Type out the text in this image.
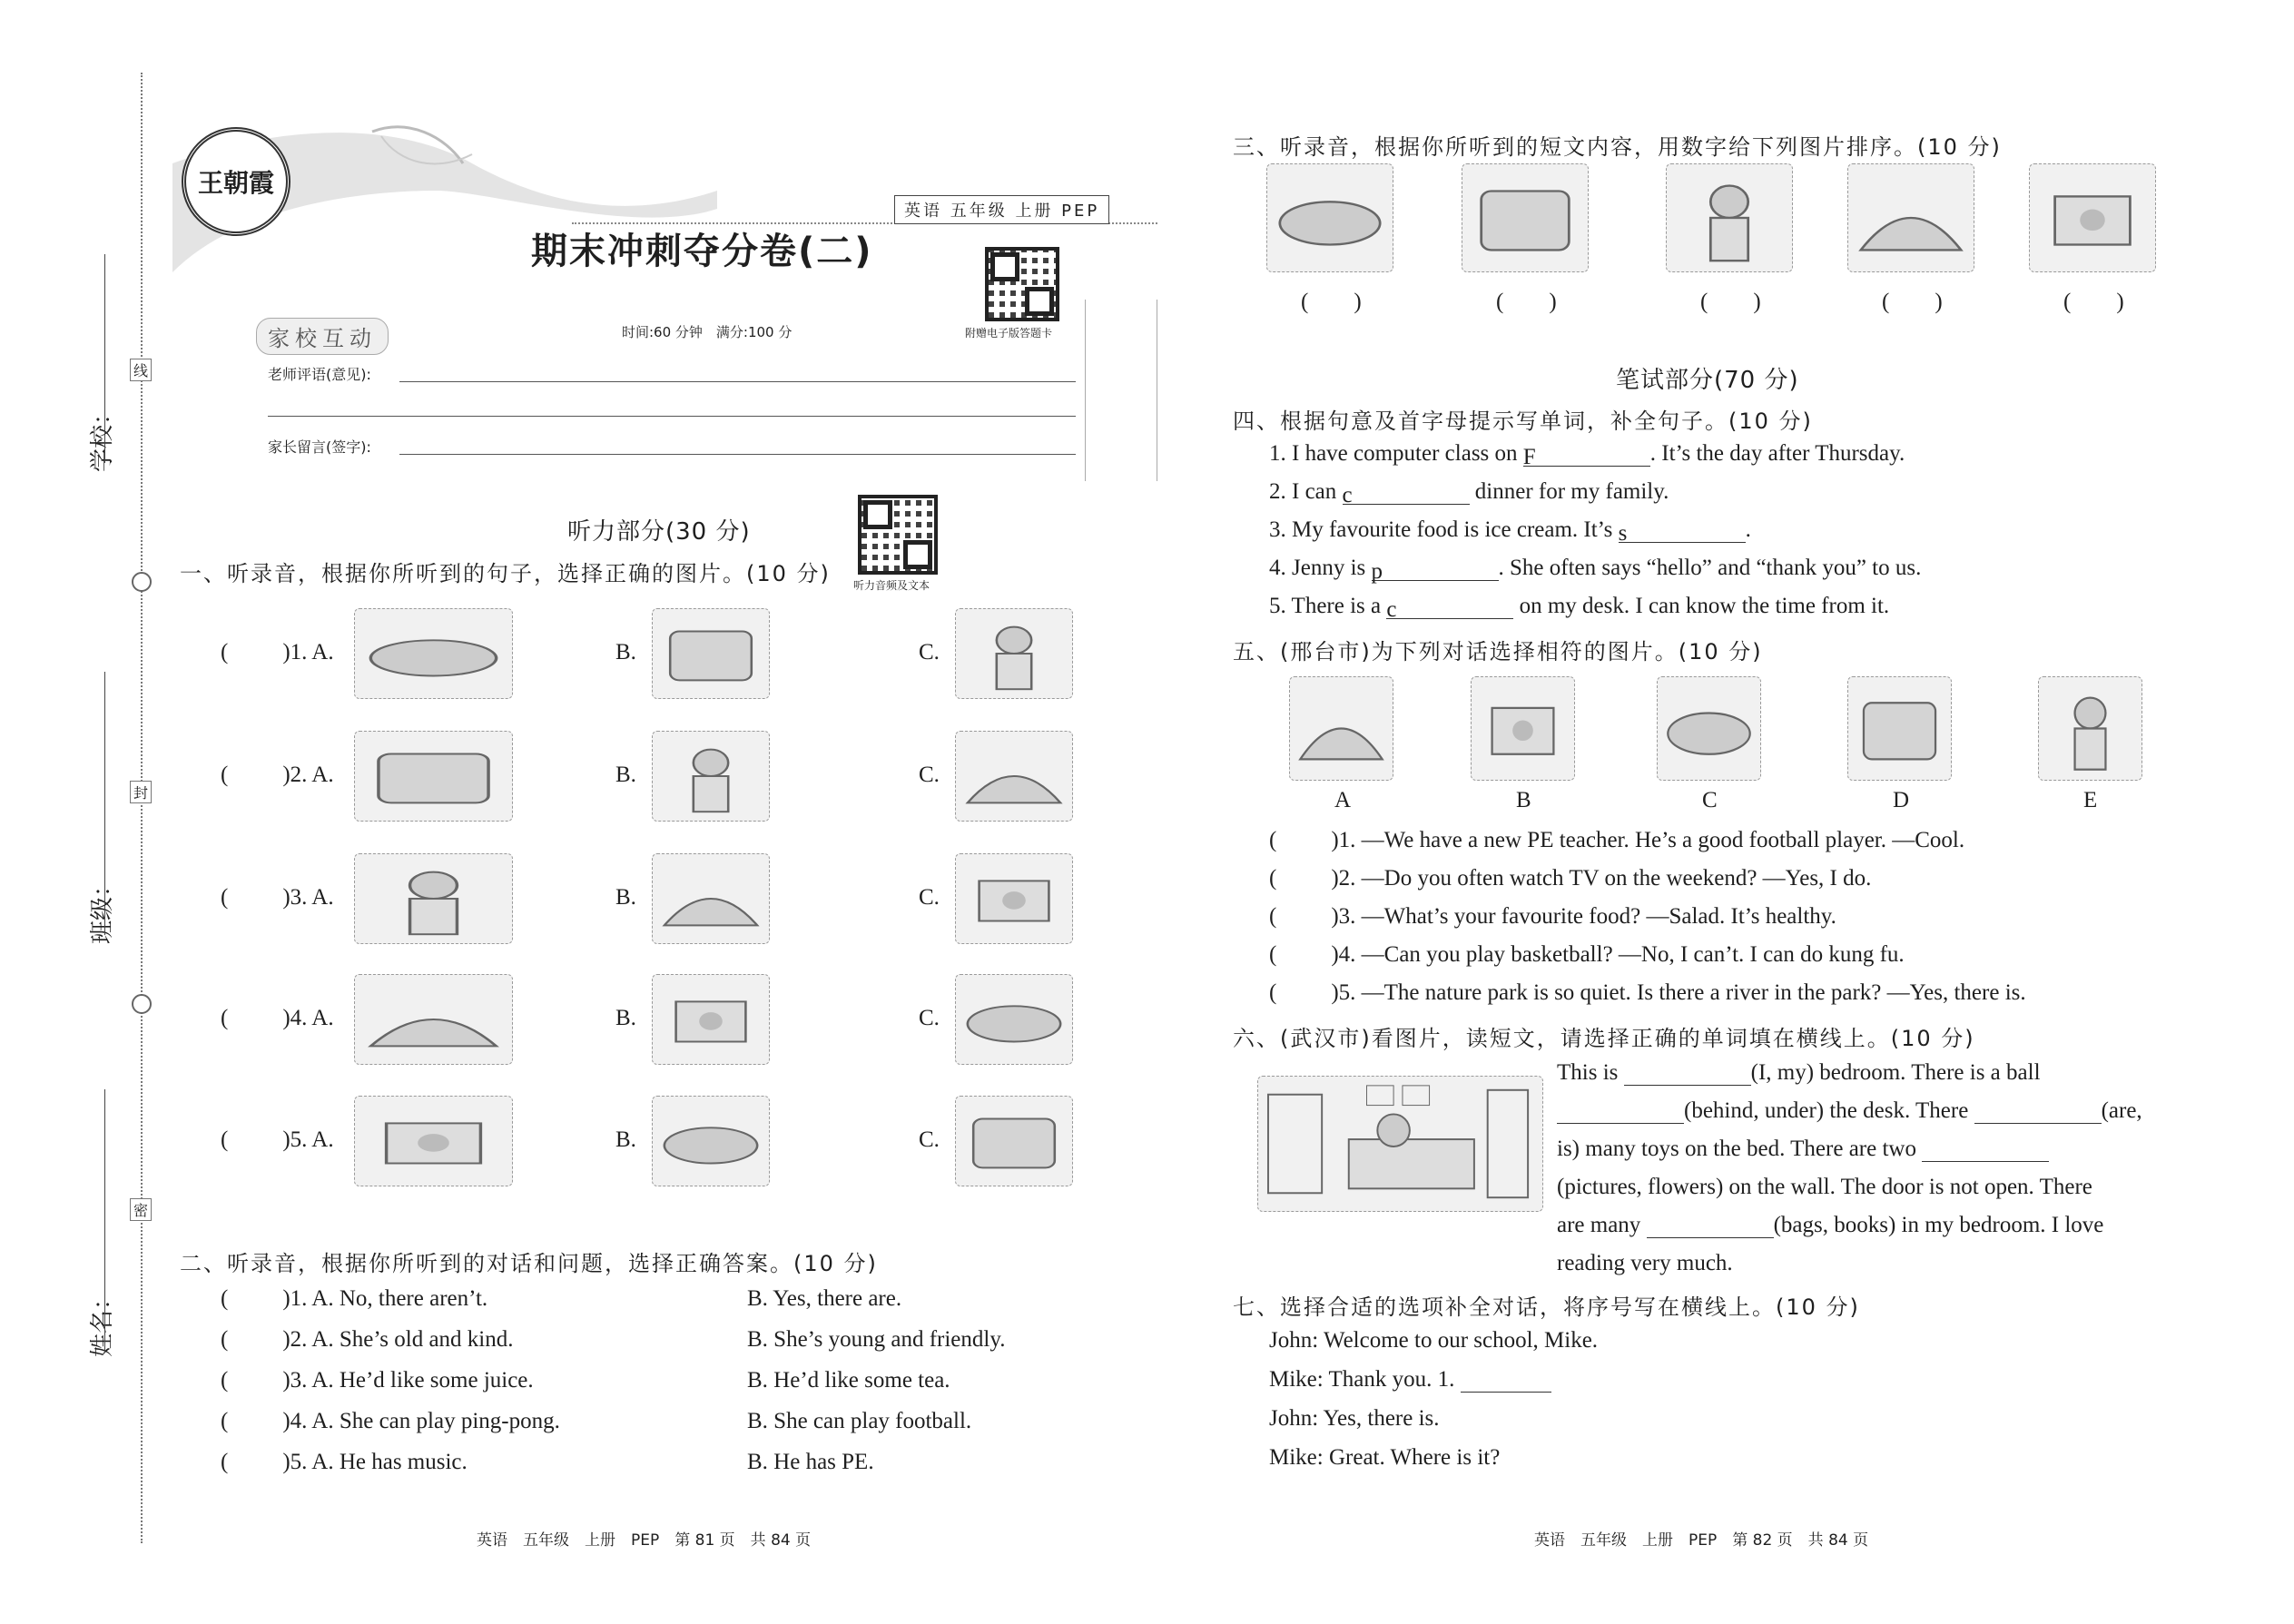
线
封
密
学校：
班级：
姓名：
王朝霞
英语 五年级 上册 PEP
期末冲刺夺分卷(二)
附赠电子版答题卡
家校互动	时间:60 分钟　满分:100 分
老师评语(意见):
家长留言(签字):
听力部分(30 分)
听力音频及文本
一、听录音，根据你所听到的句子，选择正确的图片。(10 分)
( )1. A.	B.	C.
( )2. A.	B.	C.
( )3. A.	B.	C.
( )4. A.	B.	C.
( )5. A.	B.	C.
二、听录音，根据你所听到的对话和问题，选择正确答案。(10 分)
( )1. A. No, there aren’t.	B. Yes, there are.
( )2. A. She’s old and kind.	B. She’s young and friendly.
( )3. A. He’d like some juice.	B. He’d like some tea.
( )4. A. She can play ping-pong.	B. She can play football.
( )5. A. He has music.	B. He has PE.
三、听录音，根据你所听到的短文内容，用数字给下列图片排序。(10 分)
(　　)	(　　)	(　　)	(　　)	(　　)
笔试部分(70 分)
四、根据句意及首字母提示写单词，补全句子。(10 分)
1. I have computer class on F	. It’s the day after Thursday.
2. I can c	dinner for my family.
3. My favourite food is ice cream. It’s s	.
4. Jenny is p	. She often says “hello” and “thank you” to us.
5. There is a c	on my desk. I can know the time from it.
五、(邢台市)为下列对话选择相符的图片。(10 分)
A	B	C	D	E
( )1. —We have a new PE teacher. He’s a good football player. —Cool.
( )2. —Do you often watch TV on the weekend? —Yes, I do.
( )3. —What’s your favourite food? —Salad. It’s healthy.
( )4. —Can you play basketball? —No, I can’t. I can do kung fu.
( )5. —The nature park is so quiet. Is there a river in the park? —Yes, there is.
六、(武汉市)看图片，读短文，请选择正确的单词填在横线上。(10 分)
This is	(I, my) bedroom. There is a ball
(behind, under) the desk. There	(are,
is) many toys on the bed. There are two
(pictures, flowers) on the wall. The door is not open. There
are many	(bags, books) in my bedroom. I love
reading very much.
七、选择合适的选项补全对话，将序号写在横线上。(10 分)
John: Welcome to our school, Mike.
Mike: Thank you. 1.
John: Yes, there is.
Mike: Great. Where is it?
英语　五年级　上册　PEP　第 81 页　共 84 页	英语　五年级　上册　PEP　第 82 页　共 84 页
